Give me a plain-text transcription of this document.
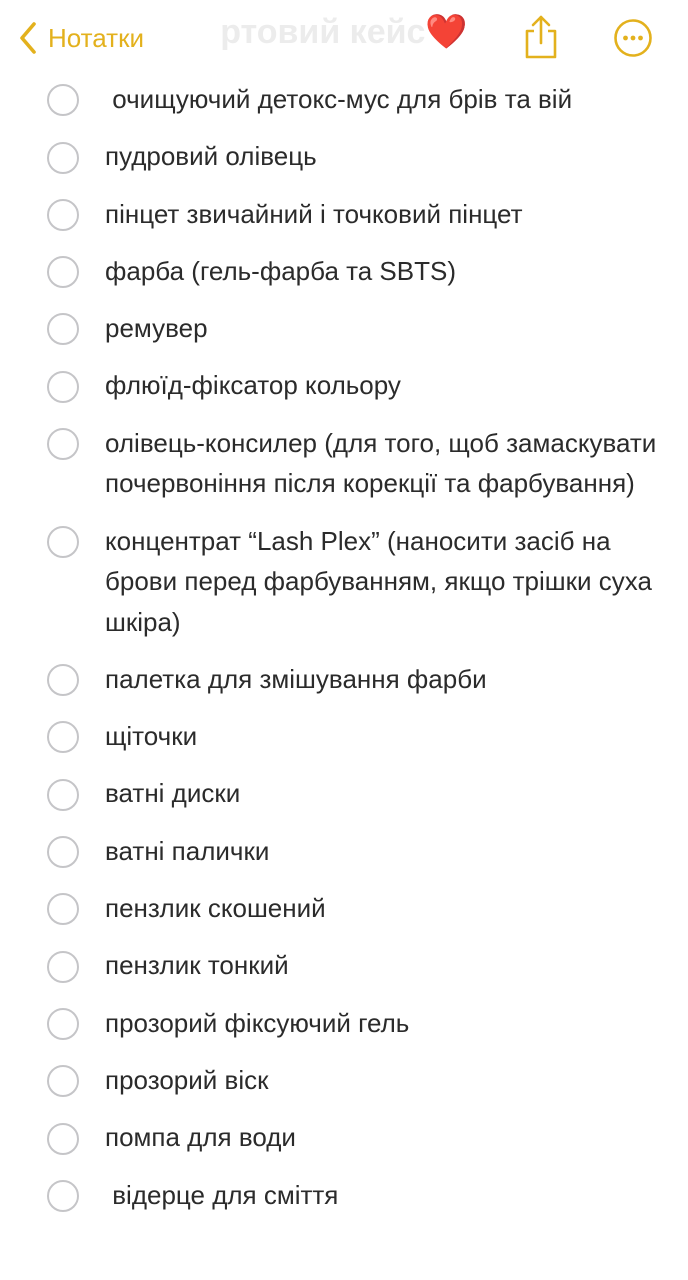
ртовий кейс❤️
Нотатки
очищуючий детокс-мус для брів та вій
пудровий олівець
пінцет звичайний і точковий пінцет
фарба (гель-фарба та SBTS)
ремувер
флюїд-фіксатор кольору
олівець-консилер (для того, щоб замаскувати почервоніння після корекції та фарбування)
концентрат “Lash Plex” (наносити засіб на брови перед фарбуванням, якщо трішки суха шкіра)
палетка для змішування фарби
щіточки
ватні диски
ватні палички
пензлик скошений
пензлик тонкий
прозорий фіксуючий гель
прозорий віск
помпа для води
відерце для сміття
